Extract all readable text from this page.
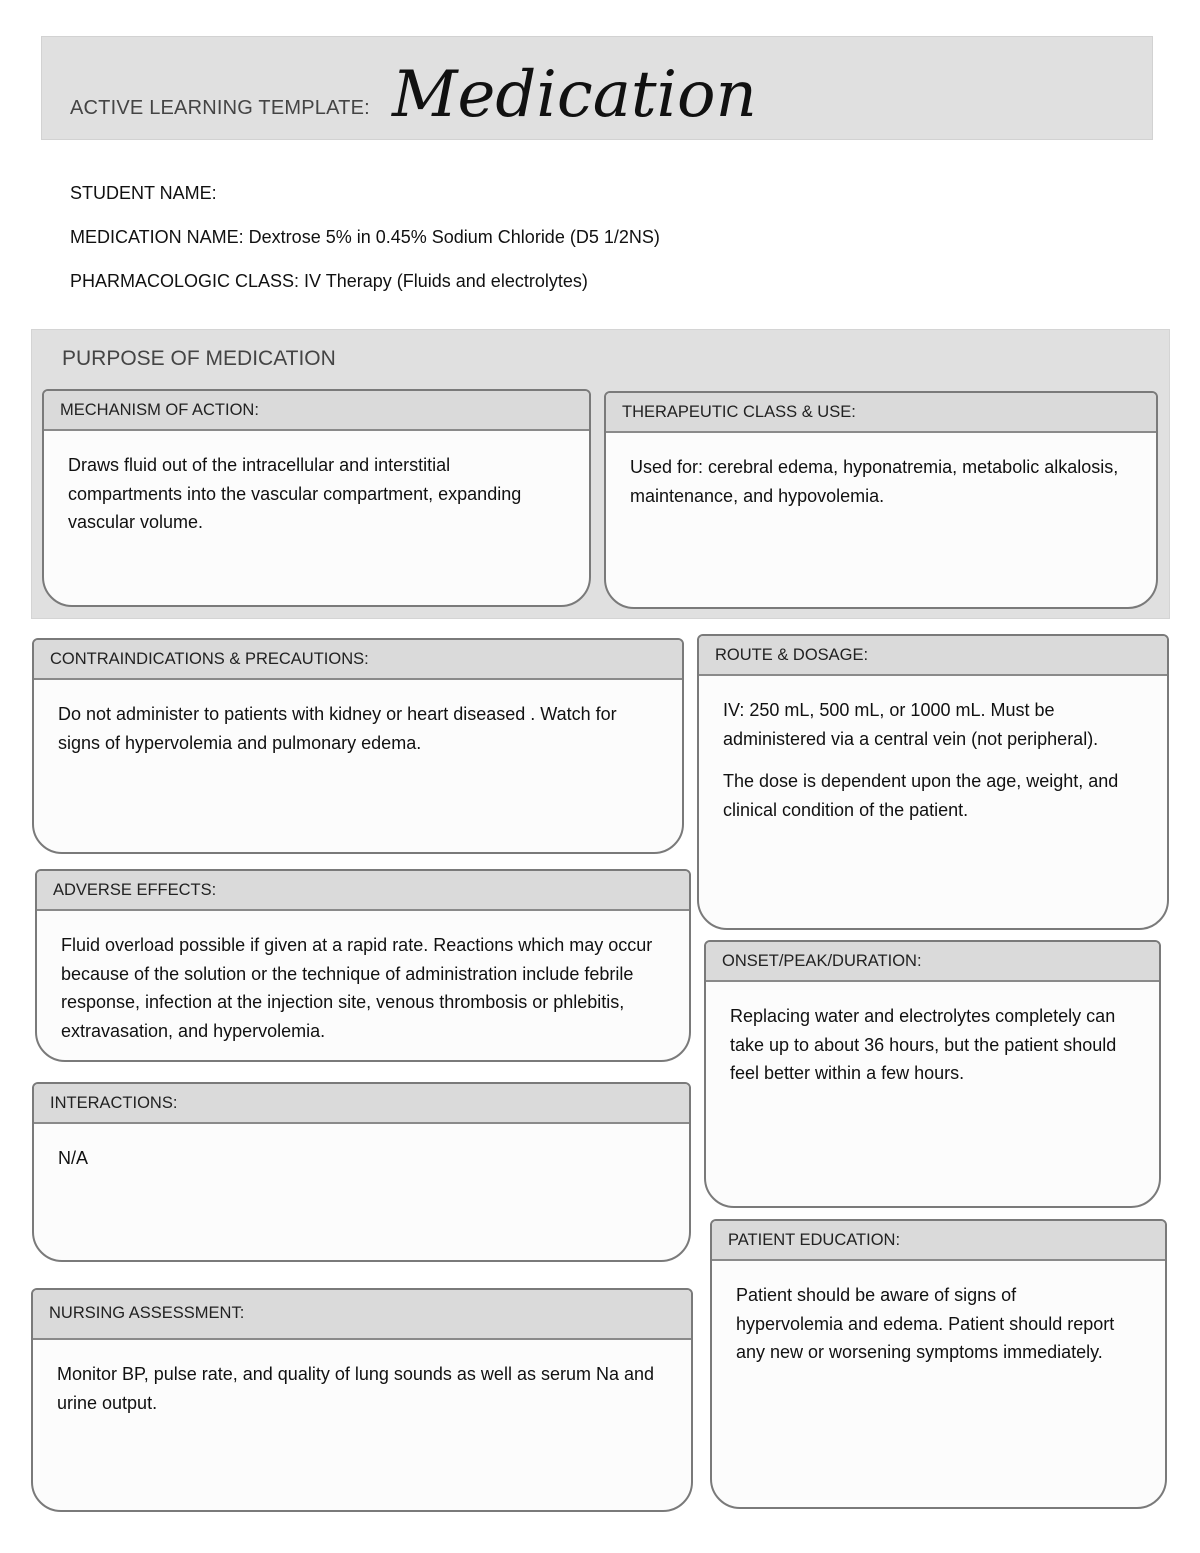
ACTIVE LEARNING TEMPLATE: Medication
STUDENT NAME:
MEDICATION NAME: Dextrose 5% in 0.45% Sodium Chloride (D5 1/2NS)
PHARMACOLOGIC CLASS: IV Therapy (Fluids and electrolytes)
PURPOSE OF MEDICATION
MECHANISM OF ACTION:
Draws fluid out of the intracellular and interstitial compartments into the vascular compartment, expanding vascular volume.
THERAPEUTIC CLASS & USE:
Used for: cerebral edema, hyponatremia, metabolic alkalosis, maintenance, and hypovolemia.
CONTRAINDICATIONS & PRECAUTIONS:
Do not administer to patients with kidney or heart diseased . Watch for signs of hypervolemia and pulmonary edema.
ADVERSE EFFECTS:
Fluid overload possible if given at a rapid rate. Reactions which may occur because of the solution or the technique of administration include febrile response, infection at the injection site, venous thrombosis or phlebitis, extravasation, and hypervolemia.
INTERACTIONS:
N/A
NURSING ASSESSMENT:
Monitor BP, pulse rate, and quality of lung sounds as well as serum Na and urine output.
ROUTE & DOSAGE:

IV: 250 mL, 500 mL, or 1000 mL. Must be administered via a central vein (not peripheral).

The dose is dependent upon the age, weight, and clinical condition of the patient.

ONSET/PEAK/DURATION:
Replacing water and electrolytes completely can take up to about 36 hours, but the patient should feel better within a few hours.
PATIENT EDUCATION:
Patient should be aware of signs of hypervolemia and edema. Patient should report any new or worsening symptoms immediately.
